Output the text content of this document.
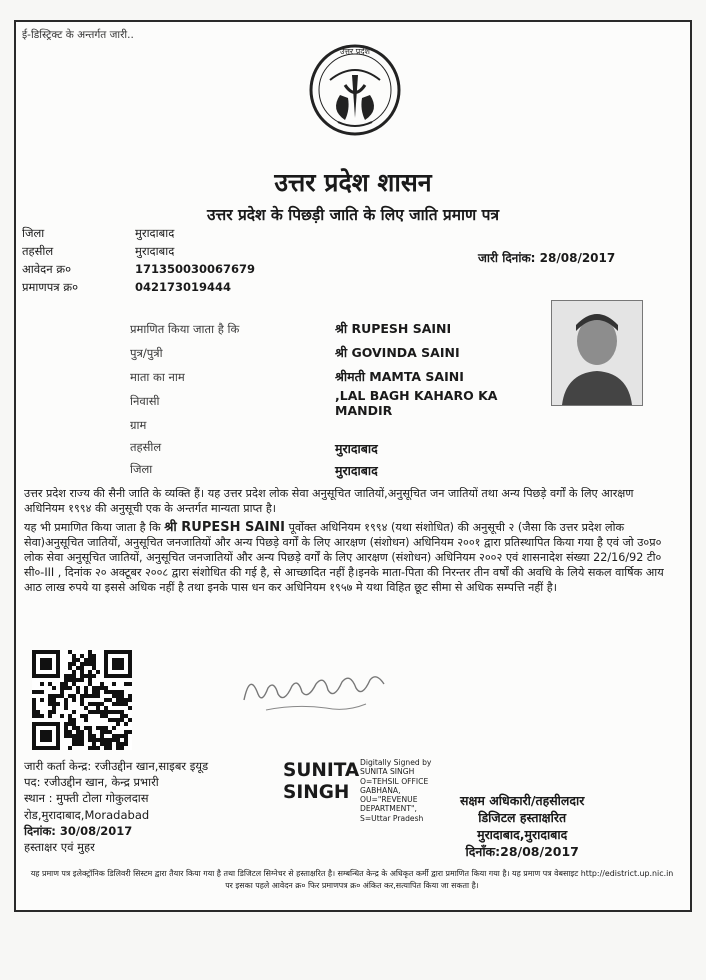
ई-डिस्ट्रिक्ट के अन्तर्गत जारी..
उत्तर प्रदेश
उत्तर प्रदेश शासन
उत्तर प्रदेश के पिछड़ी जाति के लिए जाति प्रमाण पत्र
जिला	मुरादाबाद
तहसील	मुरादाबाद
आवेदन क्र०	171350030067679
प्रमाणपत्र क्र०	042173019444
जारी दिनांक: 28/08/2017
प्रमाणित किया जाता है कि	श्री RUPESH SAINI
पुत्र/पुत्री	श्री GOVINDA SAINI
माता का नाम	श्रीमती MAMTA SAINI
निवासी	,LAL BAGH KAHARO KA MANDIR
ग्राम
तहसील	मुरादाबाद
जिला	मुरादाबाद

उत्तर प्रदेश राज्य की सैनी जाति के व्यक्ति हैं। यह उत्तर प्रदेश लोक सेवा अनुसूचित जातियों,अनुसूचित जन जातियों तथा अन्य पिछड़े वर्गों के लिए आरक्षण अधिनियम १९९४ की अनुसूची एक के अन्तर्गत मान्यता प्राप्त है।

यह भी प्रमाणित किया जाता है कि श्री RUPESH SAINI पूर्वोक्त अधिनियम १९९४ (यथा संशोधित) की अनुसूची २ (जैसा कि उत्तर प्रदेश लोक सेवा)अनुसूचित जातियों, अनुसूचित जनजातियों और अन्य पिछड़े वर्गों के लिए आरक्षण (संशोधन) अधिनियम २००१ द्वारा प्रतिस्थापित किया गया है एवं जो उ०प्र० लोक सेवा अनुसूचित जातियों, अनुसूचित जनजातियों और अन्य पिछड़े वर्गों के लिए आरक्षण (संशोधन) अधिनियम २००२ एवं शासनादेश संख्या 22/16/92 टी० सी०-III , दिनांक २० अक्टूबर २००८ द्वारा संशोधित की गई है, से आच्छादित नहीं है।इनके माता-पिता की निरन्तर तीन वर्षों की अवधि के लिये सकल वार्षिक आय आठ लाख रुपये या इससे अधिक नहीं है तथा इनके पास धन कर अधिनियम १९५७ मे यथा विहित छूट सीमा से अधिक सम्पत्ति नहीं है।

जारी कर्ता केन्द्र: रजीउद्दीन खान,साइबर इयूड
पद: रजीउद्दीन खान, केन्द्र प्रभारी
स्थान : मुफ्ती टोला गोकुलदास
रोड,मुरादाबाद,Moradabad
दिनांक: 30/08/2017
हस्ताक्षर एवं मुहर
SUNITA
SINGH
Digitally Signed by
SUNITA SINGH
O=TEHSIL OFFICE
GABHANA,
OU="REVENUE
DEPARTMENT",
S=Uttar Pradesh
सक्षम अधिकारी/तहसीलदार
डिजिटल हस्ताक्षरित
मुरादाबाद,मुरादाबाद
दिनाँक:28/08/2017
यह प्रमाण पत्र इलेक्ट्रॉनिक डिलिवरी सिस्टम द्वारा तैयार किया गया है तथा डिजिटल सिग्नेचर से हस्ताक्षरित है। सम्बन्धित केन्द्र के अधिकृत कर्मी द्वारा प्रमाणित किया गया है। यह प्रमाण पत्र वेबसाइट http://edistrict.up.nic.in पर इसका पहले आवेदन क्र० फिर प्रमाणपत्र क्र० अंकित कर,सत्यापित किया जा सकता है।
